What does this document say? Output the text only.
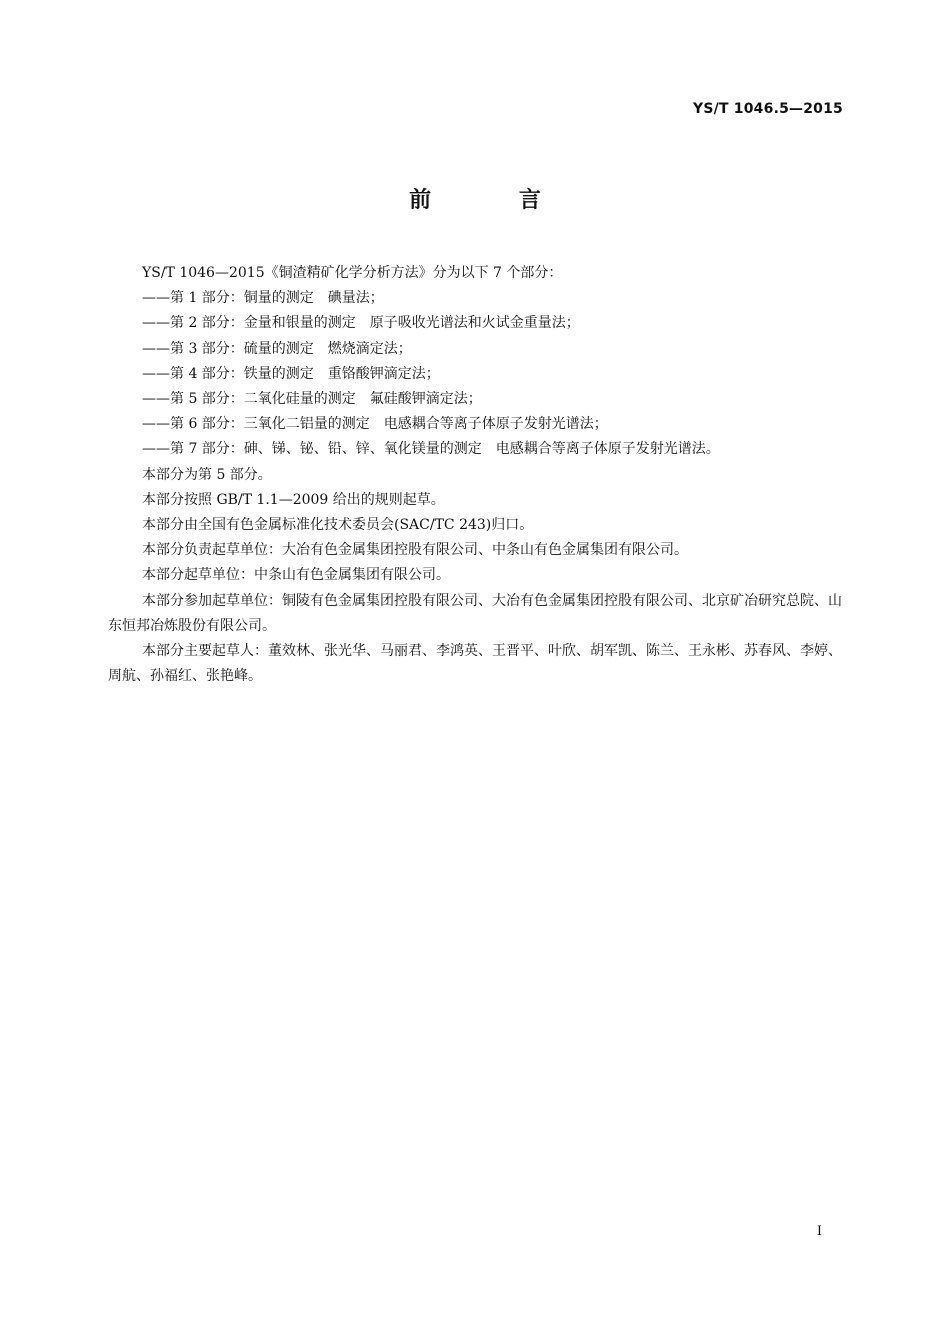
YS/T 1046.5—2015
前 言

YS/T 1046—2015《铜渣精矿化学分析方法》分为以下 7 个部分：

——第 1 部分：铜量的测定　碘量法；

——第 2 部分：金量和银量的测定　原子吸收光谱法和火试金重量法；

——第 3 部分：硫量的测定　燃烧滴定法；

——第 4 部分：铁量的测定　重铬酸钾滴定法；

——第 5 部分：二氧化硅量的测定　氟硅酸钾滴定法；

——第 6 部分：三氧化二铝量的测定　电感耦合等离子体原子发射光谱法；

——第 7 部分：砷、锑、铋、铅、锌、氧化镁量的测定　电感耦合等离子体原子发射光谱法。

本部分为第 5 部分。

本部分按照 GB/T 1.1—2009 给出的规则起草。

本部分由全国有色金属标准化技术委员会(SAC/TC 243)归口。

本部分负责起草单位：大冶有色金属集团控股有限公司、中条山有色金属集团有限公司。

本部分起草单位：中条山有色金属集团有限公司。

本部分参加起草单位：铜陵有色金属集团控股有限公司、大冶有色金属集团控股有限公司、北京矿冶研究总院、山东恒邦冶炼股份有限公司。

本部分主要起草人：董效林、张光华、马丽君、李鸿英、王晋平、叶欣、胡军凯、陈兰、王永彬、苏春风、李婷、周航、孙福红、张艳峰。

I
